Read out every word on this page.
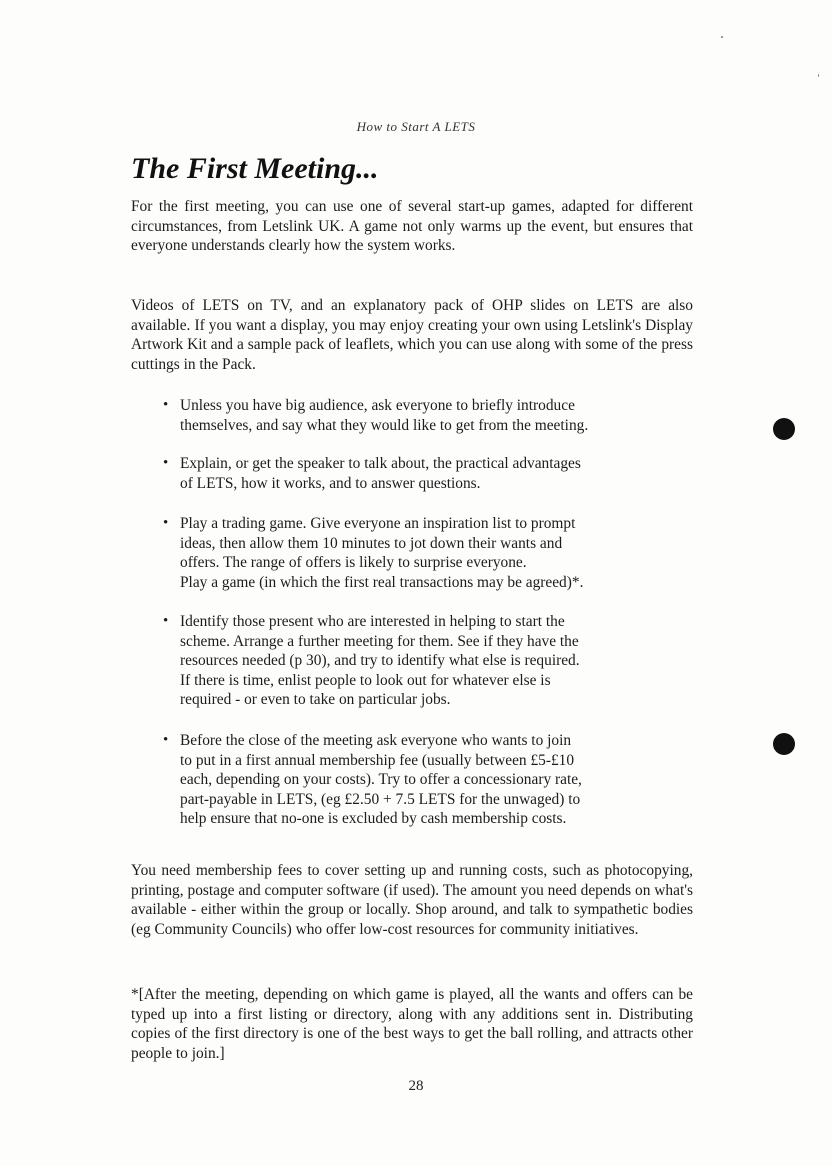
How to Start A LETS
The First Meeting...

For the first meeting, you can use one of several start-up games, adapted for different circumstances, from Letslink UK. A game not only warms up the event, but ensures that everyone understands clearly how the system works.

Videos of LETS on TV, and an explanatory pack of OHP slides on LETS are also available. If you want a display, you may enjoy creating your own using Letslink's Display Artwork Kit and a sample pack of leaflets, which you can use along with some of the press cuttings in the Pack.

• Unless you have big audience, ask everyone to briefly introduce
themselves, and say what they would like to get from the meeting.
• Explain, or get the speaker to talk about, the practical advantages
of LETS, how it works, and to answer questions.
• Play a trading game. Give everyone an inspiration list to prompt
ideas, then allow them 10 minutes to jot down their wants and
offers. The range of offers is likely to surprise everyone.
Play a game (in which the first real transactions may be agreed)*.
• Identify those present who are interested in helping to start the
scheme. Arrange a further meeting for them. See if they have the
resources needed (p 30), and try to identify what else is required.
If there is time, enlist people to look out for whatever else is
required - or even to take on particular jobs.
• Before the close of the meeting ask everyone who wants to join
to put in a first annual membership fee (usually between £5-£10
each, depending on your costs). Try to offer a concessionary rate,
part-payable in LETS, (eg £2.50 + 7.5 LETS for the unwaged) to
help ensure that no-one is excluded by cash membership costs.

You need membership fees to cover setting up and running costs, such as photocopying, printing, postage and computer software (if used). The amount you need depends on what's available - either within the group or locally. Shop around, and talk to sympathetic bodies (eg Community Councils) who offer low-cost resources for community initiatives.

*[After the meeting, depending on which game is played, all the wants and offers can be typed up into a first listing or directory, along with any additions sent in. Distributing copies of the first directory is one of the best ways to get the ball rolling, and attracts other people to join.]

28
